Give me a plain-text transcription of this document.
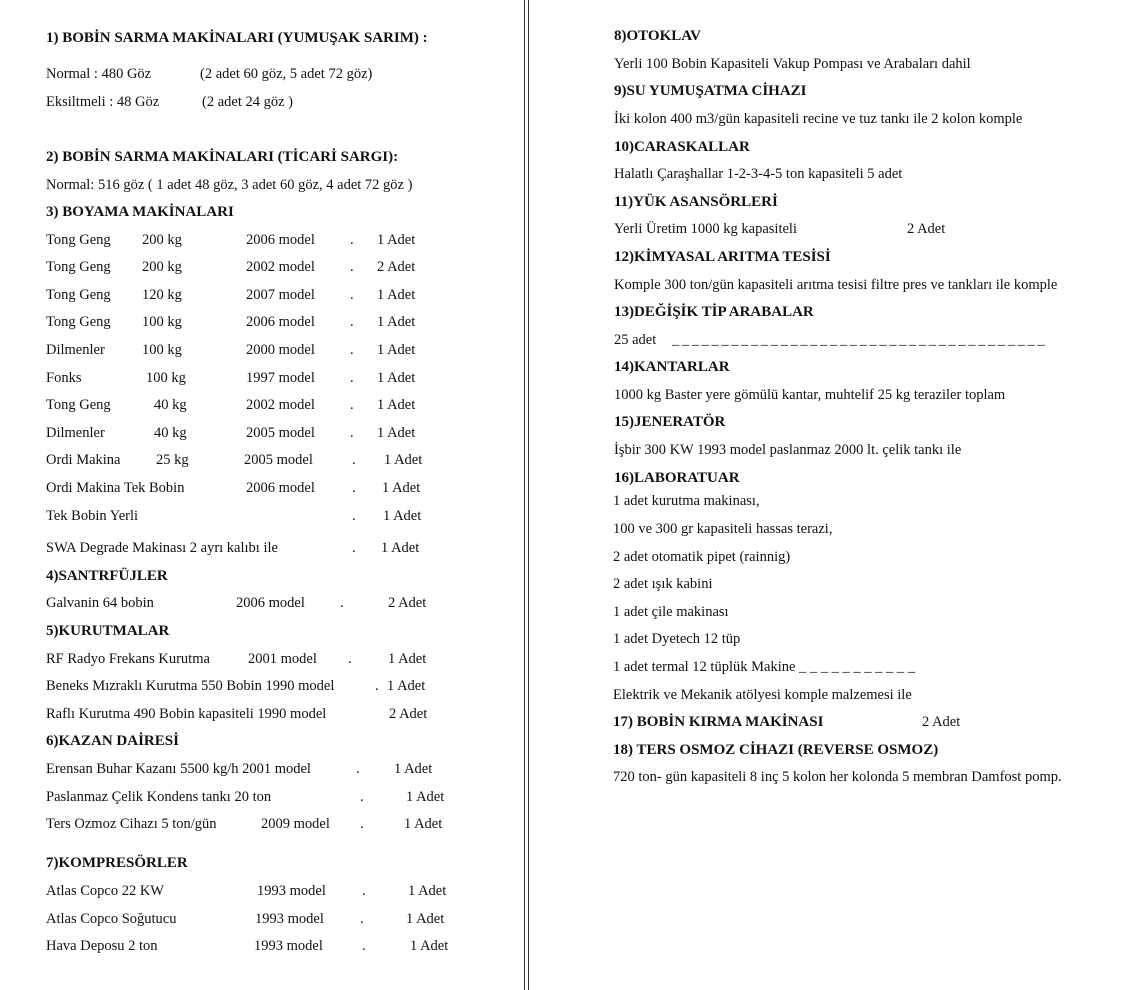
1) BOBİN SARMA MAKİNALARI (YUMUŞAK SARIM) :
Normal : 480 Göz	(2 adet 60 göz, 5 adet 72 göz)
Eksiltmeli : 48 Göz	(2 adet 24 göz )
2) BOBİN SARMA MAKİNALARI (TİCARİ SARGI):
Normal: 516 göz ( 1 adet 48 göz, 3 adet 60 göz, 4 adet 72 göz )
3) BOYAMA MAKİNALARI
Tong Geng 200 kg	2006 model . 1 Adet
Tong Geng 200 kg	2002 model . 2 Adet
Tong Geng 120 kg	2007 model . 1 Adet
Tong Geng 100 kg	2006 model . 1 Adet
Dilmenler	100 kg	2000 model . 1 Adet
Fonks	100 kg	1997 model . 1 Adet
Tong Geng	40 kg	2002 model . 1 Adet
Dilmenler	40 kg	2005 model . 1 Adet
Ordi Makina 25 kg	2005 model	. 1 Adet
Ordi Makina Tek Bobin	2006 model	. 1 Adet
Tek Bobin Yerli	. 1 Adet
SWA Degrade Makinası 2 ayrı kalıbı ile	. 1 Adet
4)SANTRFÜJLER
Galvanin 64 bobin	2006 model .	2 Adet
5)KURUTMALAR
RF Radyo Frekans Kurutma	2001 model .	1 Adet
Beneks Mızraklı Kurutma 550 Bobin 1990 model	. 1 Adet
Raflı Kurutma 490 Bobin kapasiteli 1990 model	2 Adet
6)KAZAN DAİRESİ
Erensan Buhar Kazanı 5500 kg/h 2001 model	. 1 Adet
Paslanmaz Çelik Kondens tankı 20 ton	.	1 Adet
Ters Ozmoz Cihazı 5 ton/gün	2009 model .	1 Adet
7)KOMPRESÖRLER
Atlas Copco 22 KW	1993 model .	1 Adet
Atlas Copco Soğutucu	1993 model .	1 Adet
Hava Deposu 2 ton	1993 model	.	1 Adet
8)OTOKLAV
Yerli 100 Bobin Kapasiteli Vakup Pompası ve Arabaları dahil
9)SU YUMUŞATMA CİHAZI
İki kolon 400 m3/gün kapasiteli recine ve tuz tankı ile 2 kolon komple
10)CARASKALLAR
Halatlı Çaraşhallar 1-2-3-4-5 ton kapasiteli 5 adet
11)YÜK ASANSÖRLERİ
Yerli Üretim 1000 kg kapasiteli	2 Adet
12)KİMYASAL ARITMA TESİSİ
Komple 300 ton/gün kapasiteli arıtma tesisi filtre pres ve tankları ile komple
13)DEĞİŞİK TİP ARABALAR
25 adet _ _ _ _ _ _ _ _ _ _ _ _ _ _ _ _ _ _ _ _ _ _ _ _ _ _ _ _ _ _ _ _ _ _ _ _ _ _
14)KANTARLAR
1000 kg Baster yere gömülü kantar, muhtelif 25 kg teraziler toplam
15)JENERATÖR
İşbir 300 KW 1993 model paslanmaz 2000 lt. çelik tankı ile
16)LABORATUAR
1 adet kurutma makinası,
100 ve 300 gr kapasiteli hassas terazi,
2 adet otomatik pipet (rainnig)
2 adet ışık kabini
1 adet çile makinası
1 adet Dyetech 12 tüp
1 adet termal 12 tüplük Makine _ _ _ _ _ _ _ _ _ _ _
Elektrik ve Mekanik atölyesi komple malzemesi ile
17) BOBİN KIRMA MAKİNASI	2 Adet
18) TERS OSMOZ CİHAZI (REVERSE OSMOZ)
720 ton- gün kapasiteli 8 inç 5 kolon her kolonda 5 membran Damfost pomp.
